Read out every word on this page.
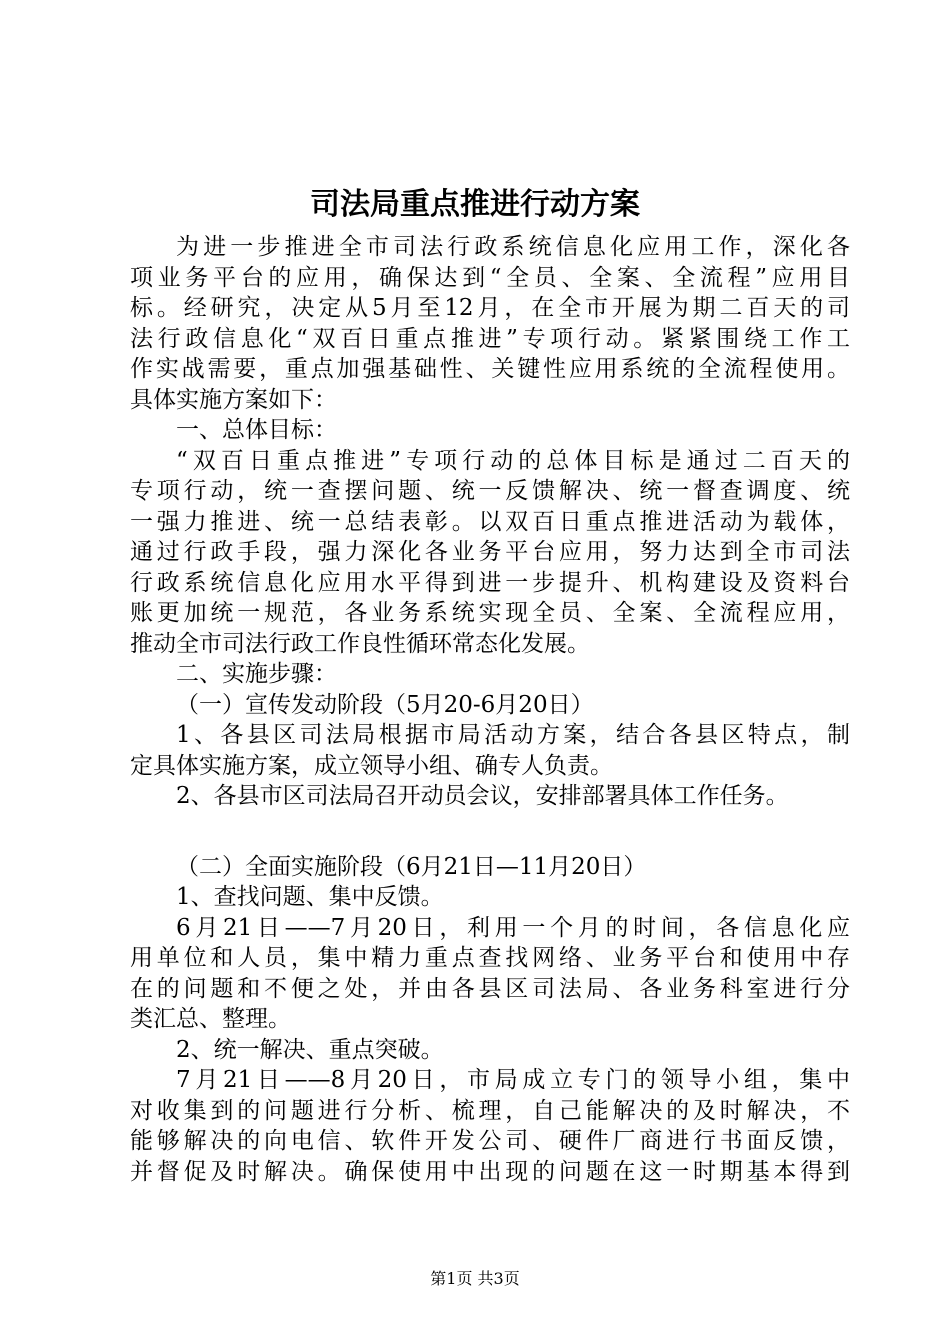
司法局重点推进行动方案
为进一步推进全市司法行政系统信息化应用工作，深化各
项业务平台的应用，确保达到“全员、全案、全流程”应用目
标。经研究，决定从5月至12月，在全市开展为期二百天的司
法行政信息化“双百日重点推进”专项行动。紧紧围绕工作工
作实战需要，重点加强基础性、关键性应用系统的全流程使用。
具体实施方案如下：
一、总体目标：
“双百日重点推进”专项行动的总体目标是通过二百天的
专项行动，统一查摆问题、统一反馈解决、统一督查调度、统
一强力推进、统一总结表彰。以双百日重点推进活动为载体，
通过行政手段，强力深化各业务平台应用，努力达到全市司法
行政系统信息化应用水平得到进一步提升、机构建设及资料台
账更加统一规范，各业务系统实现全员、全案、全流程应用，
推动全市司法行政工作良性循环常态化发展。
二、实施步骤：
（一）宣传发动阶段（5月20-6月20日）
1、各县区司法局根据市局活动方案，结合各县区特点，制
定具体实施方案，成立领导小组、确专人负责。
2、各县市区司法局召开动员会议，安排部署具体工作任务。
（二）全面实施阶段（6月21日—11月20日）
1、查找问题、集中反馈。
6月21日——7月20日，利用一个月的时间，各信息化应
用单位和人员，集中精力重点查找网络、业务平台和使用中存
在的问题和不便之处，并由各县区司法局、各业务科室进行分
类汇总、整理。
2、统一解决、重点突破。
7月21日——8月20日，市局成立专门的领导小组，集中
对收集到的问题进行分析、梳理，自己能解决的及时解决，不
能够解决的向电信、软件开发公司、硬件厂商进行书面反馈，
并督促及时解决。确保使用中出现的问题在这一时期基本得到
第1页 共3页
